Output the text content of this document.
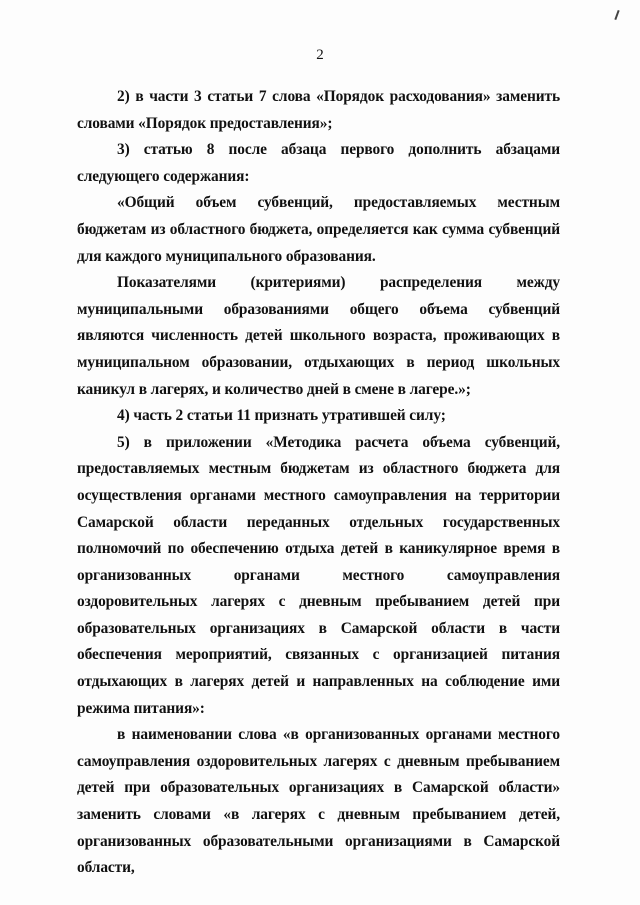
2

2) в части 3 статьи 7 слова «Порядок расходования» заменить словами «Порядок предоставления»;

3) статью 8 после абзаца первого дополнить абзацами следующего содержания:

«Общий объем субвенций, предоставляемых местным бюджетам из областного бюджета, определяется как сумма субвенций для каждого муниципального образования.

Показателями (критериями) распределения между муниципальными образованиями общего объема субвенций являются численность детей школьного возраста, проживающих в муниципальном образовании, отдыхающих в период школьных каникул в лагерях, и количество дней в смене в лагере.»;

4) часть 2 статьи 11 признать утратившей силу;

5) в приложении «Методика расчета объема субвенций, предоставляемых местным бюджетам из областного бюджета для осуществления органами местного самоуправления на территории Самарской области переданных отдельных государственных полномочий по обеспечению отдыха детей в каникулярное время в организованных органами местного самоуправления оздоровительных лагерях с дневным пребыванием детей при образовательных организациях в Самарской области в части обеспечения мероприятий, связанных с организацией питания отдыхающих в лагерях детей и направленных на соблюдение ими режима питания»:

в наименовании слова «в организованных органами местного самоуправления оздоровительных лагерях с дневным пребыванием детей при образовательных организациях в Самарской области» заменить словами «в лагерях с дневным пребыванием детей, организованных образовательными организациями в Самарской области,
